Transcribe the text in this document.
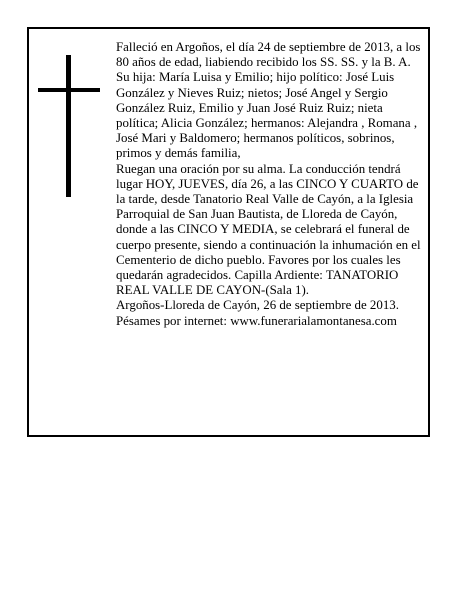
Falleció en Argoños, el día 24 de septiembre de 2013, a los 80 años de edad, liabiendo recibido los SS. SS. y la B. A.

Su hija: María Luisa y Emilio; hijo político: José Luis González y Nieves Ruiz; nietos; José Angel y Sergio González Ruiz, Emilio y Juan José Ruiz Ruiz; nieta política; Alicia González; hermanos: Alejandra , Romana , José Mari y Baldomero; hermanos políticos, sobrinos, primos y demás familia,

Ruegan una oración por su alma. La conducción tendrá lugar HOY, JUEVES, día 26, a las CINCO Y CUARTO de la tarde, desde Tanatorio Real Valle de Cayón, a la Iglesia Parroquial de San Juan Bautista, de Lloreda de Cayón, donde a las CINCO Y MEDIA, se celebrará el funeral de cuerpo presente, siendo a continuación la inhumación en el Cementerio de dicho pueblo. Favores por los cuales les quedarán agradecidos. Capilla Ardiente: TANATORIO REAL VALLE DE CAYON-(Sala 1).

Argoños-Lloreda de Cayón, 26 de septiembre de 2013.

Pésames por internet: www.funerarialamontanesa.com
